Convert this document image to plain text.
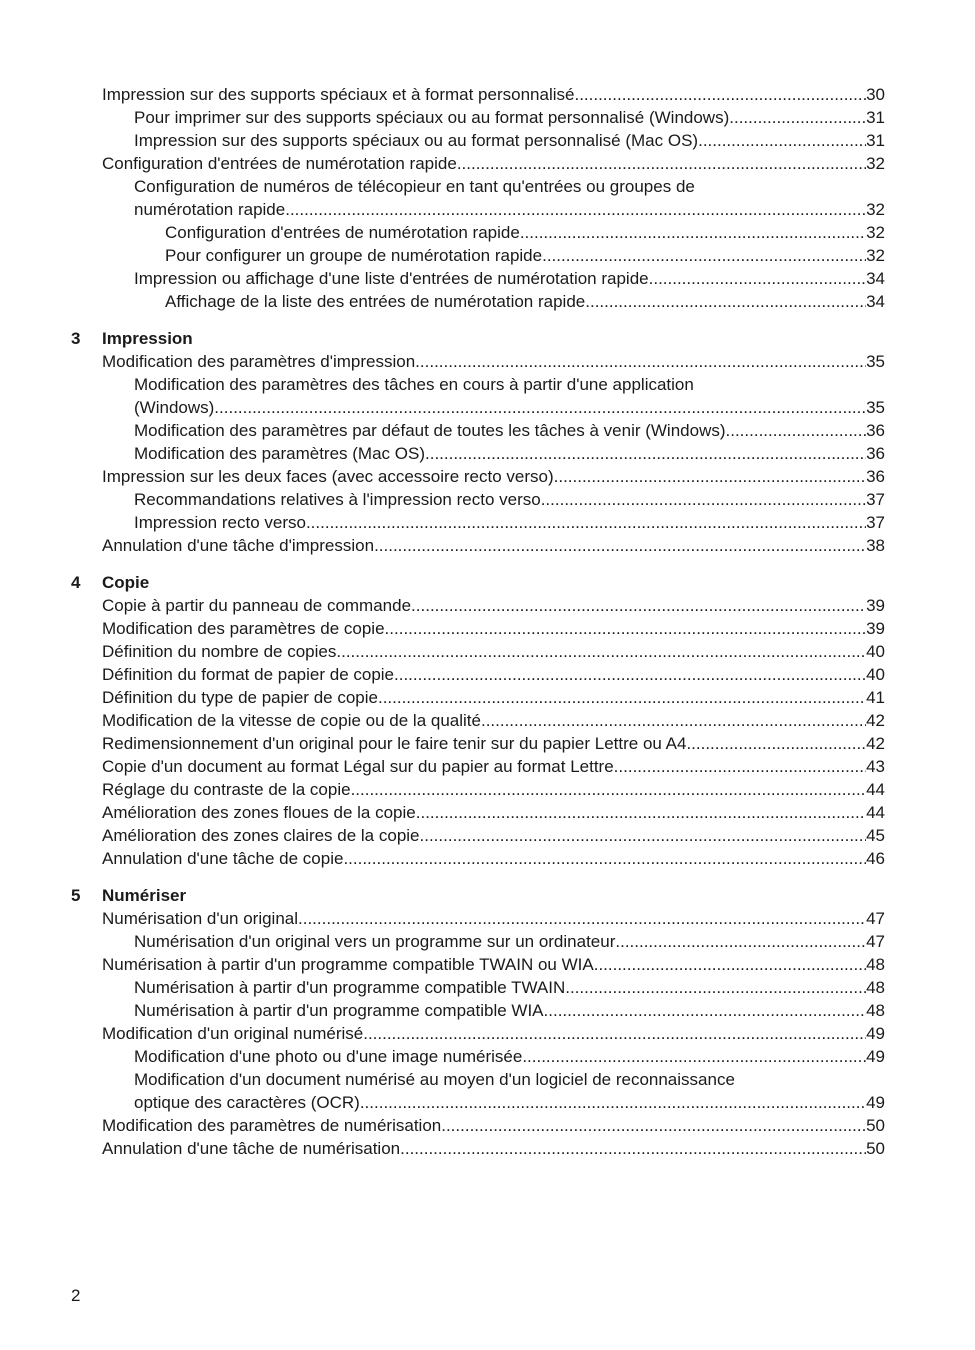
Impression sur des supports spéciaux et à format personnalisé .....	30
Pour imprimer sur des supports spéciaux ou au format personnalisé (Windows) .....	31
Impression sur des supports spéciaux ou au format personnalisé (Mac OS) .....	31
Configuration d'entrées de numérotation rapide .....	32
Configuration de numéros de télécopieur en tant qu'entrées ou groupes de
numérotation rapide .....	32
Configuration d'entrées de numérotation rapide .....	32
Pour configurer un groupe de numérotation rapide .....	32
Impression ou affichage d'une liste d'entrées de numérotation rapide .....	34
Affichage de la liste des entrées de numérotation rapide .....	34
3	Impression
Modification des paramètres d'impression .....	35
Modification des paramètres des tâches en cours à partir d'une application
(Windows) .....	35
Modification des paramètres par défaut de toutes les tâches à venir (Windows) .....	36
Modification des paramètres (Mac OS) .....	36
Impression sur les deux faces (avec accessoire recto verso) .....	36
Recommandations relatives à l'impression recto verso .....	37
Impression recto verso .....	37
Annulation d'une tâche d'impression .....	38
4	Copie
Copie à partir du panneau de commande .....	39
Modification des paramètres de copie .....	39
Définition du nombre de copies .....	40
Définition du format de papier de copie .....	40
Définition du type de papier de copie .....	41
Modification de la vitesse de copie ou de la qualité .....	42
Redimensionnement d'un original pour le faire tenir sur du papier Lettre ou A4 .....	42
Copie d'un document au format Légal sur du papier au format Lettre .....	43
Réglage du contraste de la copie .....	44
Amélioration des zones floues de la copie .....	44
Amélioration des zones claires de la copie .....	45
Annulation d'une tâche de copie .....	46
5	Numériser
Numérisation d'un original .....	47
Numérisation d'un original vers un programme sur un ordinateur .....	47
Numérisation à partir d'un programme compatible TWAIN ou WIA .....	48
Numérisation à partir d'un programme compatible TWAIN .....	48
Numérisation à partir d'un programme compatible WIA .....	48
Modification d'un original numérisé .....	49
Modification d'une photo ou d'une image numérisée .....	49
Modification d'un document numérisé au moyen d'un logiciel de reconnaissance
optique des caractères (OCR) .....	49
Modification des paramètres de numérisation .....	50
Annulation d'une tâche de numérisation .....	50
2
